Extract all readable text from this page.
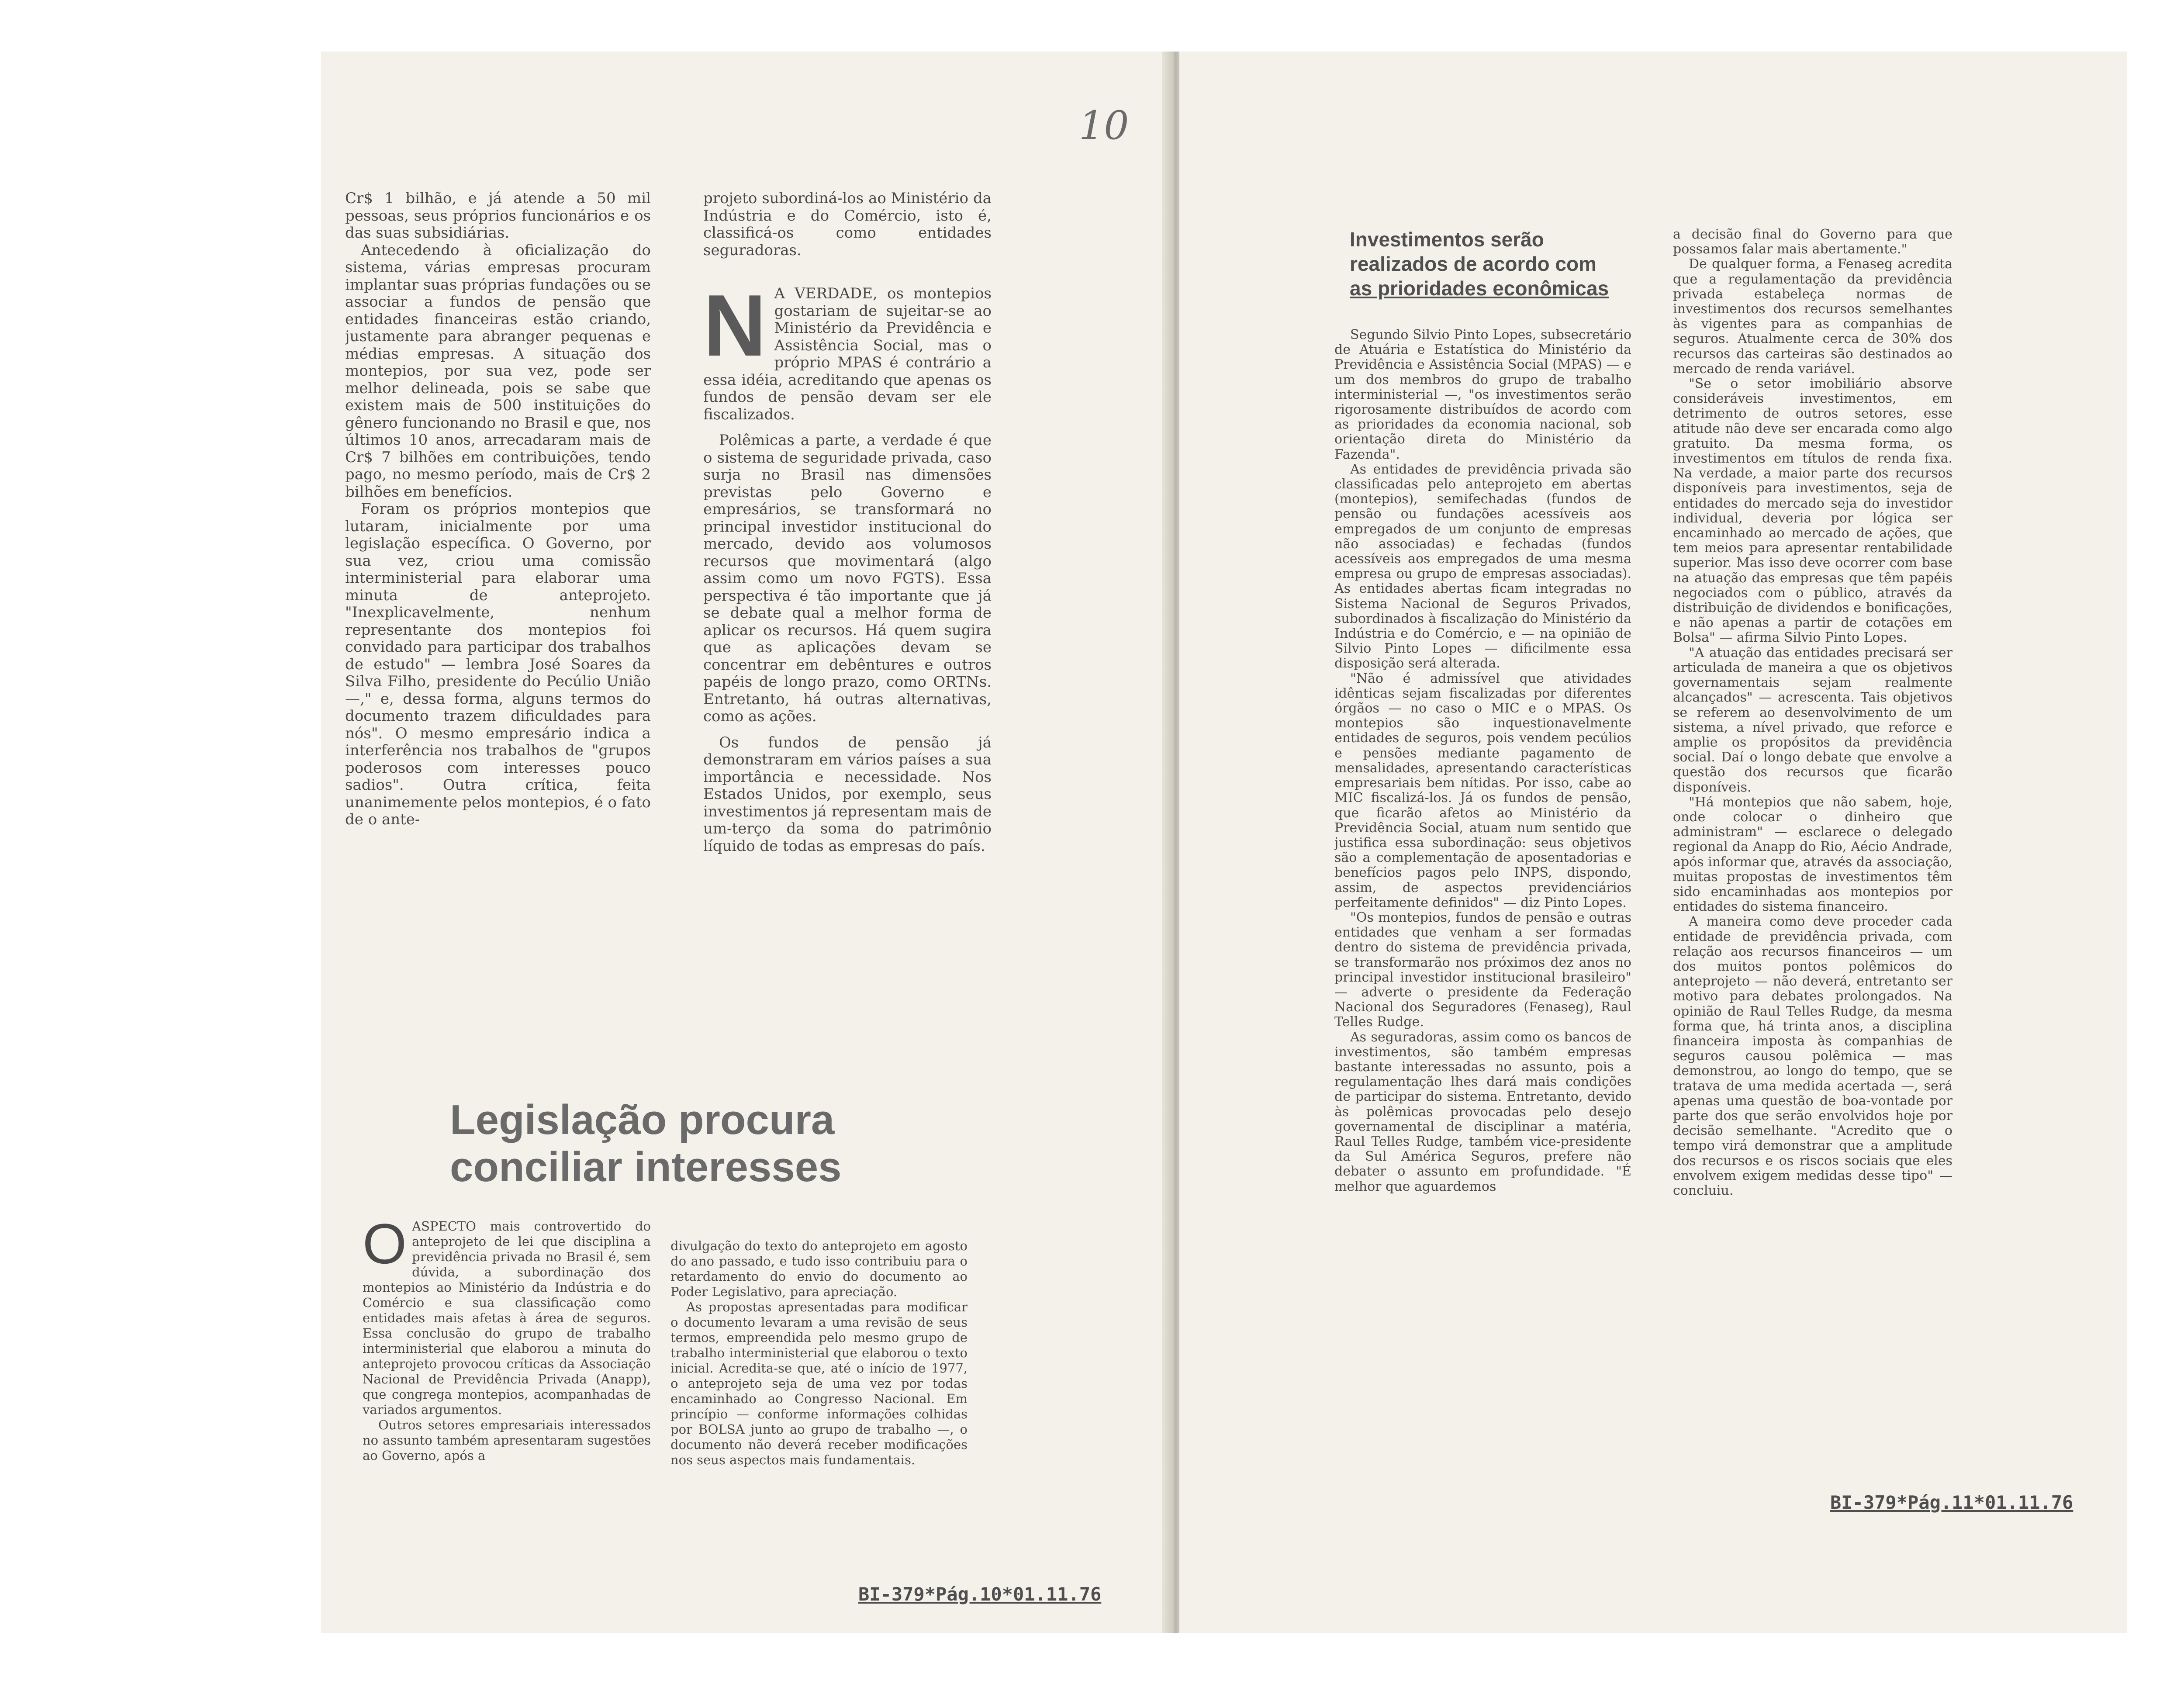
Cr$ 1 bilhão, e já atende a 50 mil pessoas, seus próprios funcionários e os das suas subsidiárias.

Antecedendo à oficialização do sistema, várias empresas procuram implantar suas próprias fundações ou se associar a fundos de pensão que entidades financeiras estão criando, justamente para abranger pequenas e médias empresas. A situação dos montepios, por sua vez, pode ser melhor delineada, pois se sabe que existem mais de 500 instituições do gênero funcionando no Brasil e que, nos últimos 10 anos, arrecadaram mais de Cr$ 7 bilhões em contribuições, tendo pago, no mesmo período, mais de Cr$ 2 bilhões em benefícios.

Foram os próprios montepios que lutaram, inicialmente por uma legislação específica. O Governo, por sua vez, criou uma comissão interministerial para elaborar uma minuta de anteprojeto. "Inexplicavelmente, nenhum representante dos montepios foi convidado para participar dos trabalhos de estudo" — lembra José Soares da Silva Filho, presidente do Pecúlio União —," e, dessa forma, alguns termos do documento trazem dificuldades para nós". O mesmo empresário indica a interferência nos trabalhos de "grupos poderosos com interesses pouco sadios". Outra crítica, feita unanimemente pelos montepios, é o fato de o ante-

projeto subordiná-los ao Ministério da Indústria e do Comércio, isto é, classificá-os como entidades seguradoras.

N A VERDADE, os montepios gostariam de sujeitar-se ao Ministério da Previdência e Assistência Social, mas o próprio MPAS é contrário a essa idéia, acreditando que apenas os fundos de pensão devam ser ele fiscalizados.

Polêmicas a parte, a verdade é que o sistema de seguridade privada, caso surja no Brasil nas dimensões previstas pelo Governo e empresários, se transformará no principal investidor institucional do mercado, devido aos volumosos recursos que movimentará (algo assim como um novo FGTS). Essa perspectiva é tão importante que já se debate qual a melhor forma de aplicar os recursos. Há quem sugira que as aplicações devam se concentrar em debêntures e outros papéis de longo prazo, como ORTNs. Entretanto, há outras alternativas, como as ações.

Os fundos de pensão já demonstraram em vários países a sua importância e necessidade. Nos Estados Unidos, por exemplo, seus investimentos já representam mais de um-terço da soma do patrimônio líquido de todas as empresas do país.

Legislação procura
conciliar interesses
O ASPECTO mais controvertido do anteprojeto de lei que disciplina a previdência privada no Brasil é, sem dúvida, a subordinação dos montepios ao Ministério da Indústria e do Comércio e sua classificação como entidades mais afetas à área de seguros. Essa conclusão do grupo de trabalho interministerial que elaborou a minuta do anteprojeto provocou críticas da Associação Nacional de Previdência Privada (Anapp), que congrega montepios, acompanhadas de variados argumentos.

Outros setores empresariais interessados no assunto também apresentaram sugestões ao Governo, após a

divulgação do texto do anteprojeto em agosto do ano passado, e tudo isso contribuiu para o retardamento do envio do documento ao Poder Legislativo, para apreciação.

As propostas apresentadas para modificar o documento levaram a uma revisão de seus termos, empreendida pelo mesmo grupo de trabalho interministerial que elaborou o texto inicial. Acredita-se que, até o início de 1977, o anteprojeto seja de uma vez por todas encaminhado ao Congresso Nacional. Em princípio — conforme informações colhidas por BOLSA junto ao grupo de trabalho —, o documento não deverá receber modificações nos seus aspectos mais fundamentais.

BI-379*Pág.10*01.11.76
10
Investimentos serão
realizados de acordo com
as prioridades econômicas

Segundo Silvio Pinto Lopes, subsecretário de Atuária e Estatística do Ministério da Previdência e Assistência Social (MPAS) — e um dos membros do grupo de trabalho interministerial —, "os investimentos serão rigorosamente distribuídos de acordo com as prioridades da economia nacional, sob orientação direta do Ministério da Fazenda".

As entidades de previdência privada são classificadas pelo anteprojeto em abertas (montepios), semifechadas (fundos de pensão ou fundações acessíveis aos empregados de um conjunto de empresas não associadas) e fechadas (fundos acessíveis aos empregados de uma mesma empresa ou grupo de empresas associadas). As entidades abertas ficam integradas no Sistema Nacional de Seguros Privados, subordinados à fiscalização do Ministério da Indústria e do Comércio, e — na opinião de Silvio Pinto Lopes — dificilmente essa disposição será alterada.

"Não é admissível que atividades idênticas sejam fiscalizadas por diferentes órgãos — no caso o MIC e o MPAS. Os montepios são inquestionavelmente entidades de seguros, pois vendem pecúlios e pensões mediante pagamento de mensalidades, apresentando características empresariais bem nítidas. Por isso, cabe ao MIC fiscalizá-los. Já os fundos de pensão, que ficarão afetos ao Ministério da Previdência Social, atuam num sentido que justifica essa subordinação: seus objetivos são a complementação de aposentadorias e benefícios pagos pelo INPS, dispondo, assim, de aspectos previdenciários perfeitamente definidos" — diz Pinto Lopes.

"Os montepios, fundos de pensão e outras entidades que venham a ser formadas dentro do sistema de previdência privada, se transformarão nos próximos dez anos no principal investidor institucional brasileiro" — adverte o presidente da Federação Nacional dos Seguradores (Fenaseg), Raul Telles Rudge.

As seguradoras, assim como os bancos de investimentos, são também empresas bastante interessadas no assunto, pois a regulamentação lhes dará mais condições de participar do sistema. Entretanto, devido às polêmicas provocadas pelo desejo governamental de disciplinar a matéria, Raul Telles Rudge, também vice-presidente da Sul América Seguros, prefere não debater o assunto em profundidade. "É melhor que aguardemos

a decisão final do Governo para que possamos falar mais abertamente."

De qualquer forma, a Fenaseg acredita que a regulamentação da previdência privada estabeleça normas de investimentos dos recursos semelhantes às vigentes para as companhias de seguros. Atualmente cerca de 30% dos recursos das carteiras são destinados ao mercado de renda variável.

"Se o setor imobiliário absorve consideráveis investimentos, em detrimento de outros setores, esse atitude não deve ser encarada como algo gratuito. Da mesma forma, os investimentos em títulos de renda fixa. Na verdade, a maior parte dos recursos disponíveis para investimentos, seja de entidades do mercado seja do investidor individual, deveria por lógica ser encaminhado ao mercado de ações, que tem meios para apresentar rentabilidade superior. Mas isso deve ocorrer com base na atuação das empresas que têm papéis negociados com o público, através da distribuição de dividendos e bonificações, e não apenas a partir de cotações em Bolsa" — afirma Silvio Pinto Lopes.

"A atuação das entidades precisará ser articulada de maneira a que os objetivos governamentais sejam realmente alcançados" — acrescenta. Tais objetivos se referem ao desenvolvimento de um sistema, a nível privado, que reforce e amplie os propósitos da previdência social. Daí o longo debate que envolve a questão dos recursos que ficarão disponíveis.

"Há montepios que não sabem, hoje, onde colocar o dinheiro que administram" — esclarece o delegado regional da Anapp do Rio, Aécio Andrade, após informar que, através da associação, muitas propostas de investimentos têm sido encaminhadas aos montepios por entidades do sistema financeiro.

A maneira como deve proceder cada entidade de previdência privada, com relação aos recursos financeiros — um dos muitos pontos polêmicos do anteprojeto — não deverá, entretanto ser motivo para debates prolongados. Na opinião de Raul Telles Rudge, da mesma forma que, há trinta anos, a disciplina financeira imposta às companhias de seguros causou polêmica — mas demonstrou, ao longo do tempo, que se tratava de uma medida acertada —, será apenas uma questão de boa-vontade por parte dos que serão envolvidos hoje por decisão semelhante. "Acredito que o tempo virá demonstrar que a amplitude dos recursos e os riscos sociais que eles envolvem exigem medidas desse tipo" — concluiu.

BI-379*Pág.11*01.11.76
